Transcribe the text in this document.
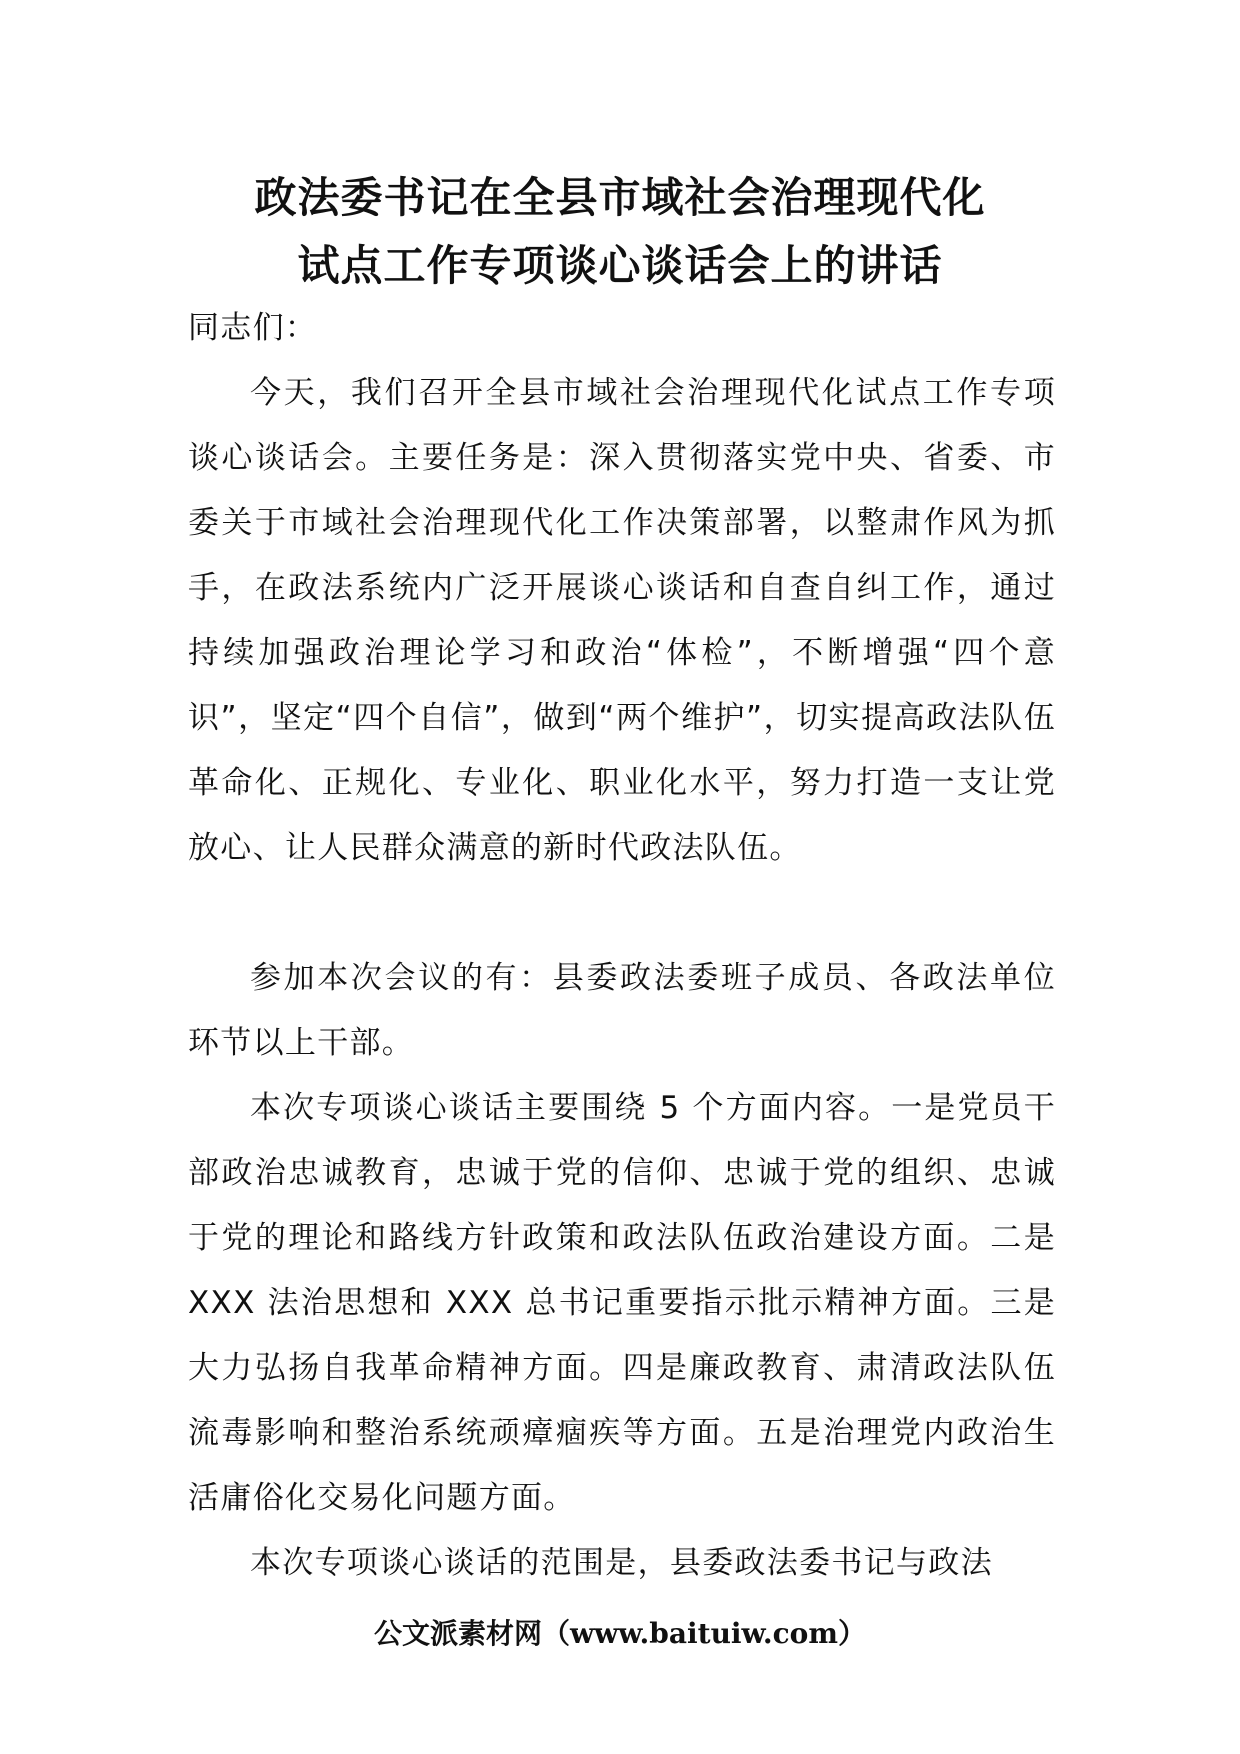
政法委书记在全县市域社会治理现代化
试点工作专项谈心谈话会上的讲话

同志们：

今天，我们召开全县市域社会治理现代化试点工作专项谈心谈话会。主要任务是：深入贯彻落实党中央、省委、市委关于市域社会治理现代化工作决策部署，以整肃作风为抓手，在政法系统内广泛开展谈心谈话和自查自纠工作，通过持续加强政治理论学习和政治“体检”，不断增强“四个意识”，坚定“四个自信”，做到“两个维护”，切实提高政法队伍革命化、正规化、专业化、职业化水平，努力打造一支让党放心、让人民群众满意的新时代政法队伍。

参加本次会议的有：县委政法委班子成员、各政法单位环节以上干部。

本次专项谈心谈话主要围绕 5 个方面内容。一是党员干部政治忠诚教育，忠诚于党的信仰、忠诚于党的组织、忠诚于党的理论和路线方针政策和政法队伍政治建设方面。二是 XXX 法治思想和 XXX 总书记重要指示批示精神方面。三是大力弘扬自我革命精神方面。四是廉政教育、肃清政法队伍流毒影响和整治系统顽瘴痼疾等方面。五是治理党内政治生活庸俗化交易化问题方面。

本次专项谈心谈话的范围是，县委政法委书记与政法

公文派素材网（www.baituiw.com）
